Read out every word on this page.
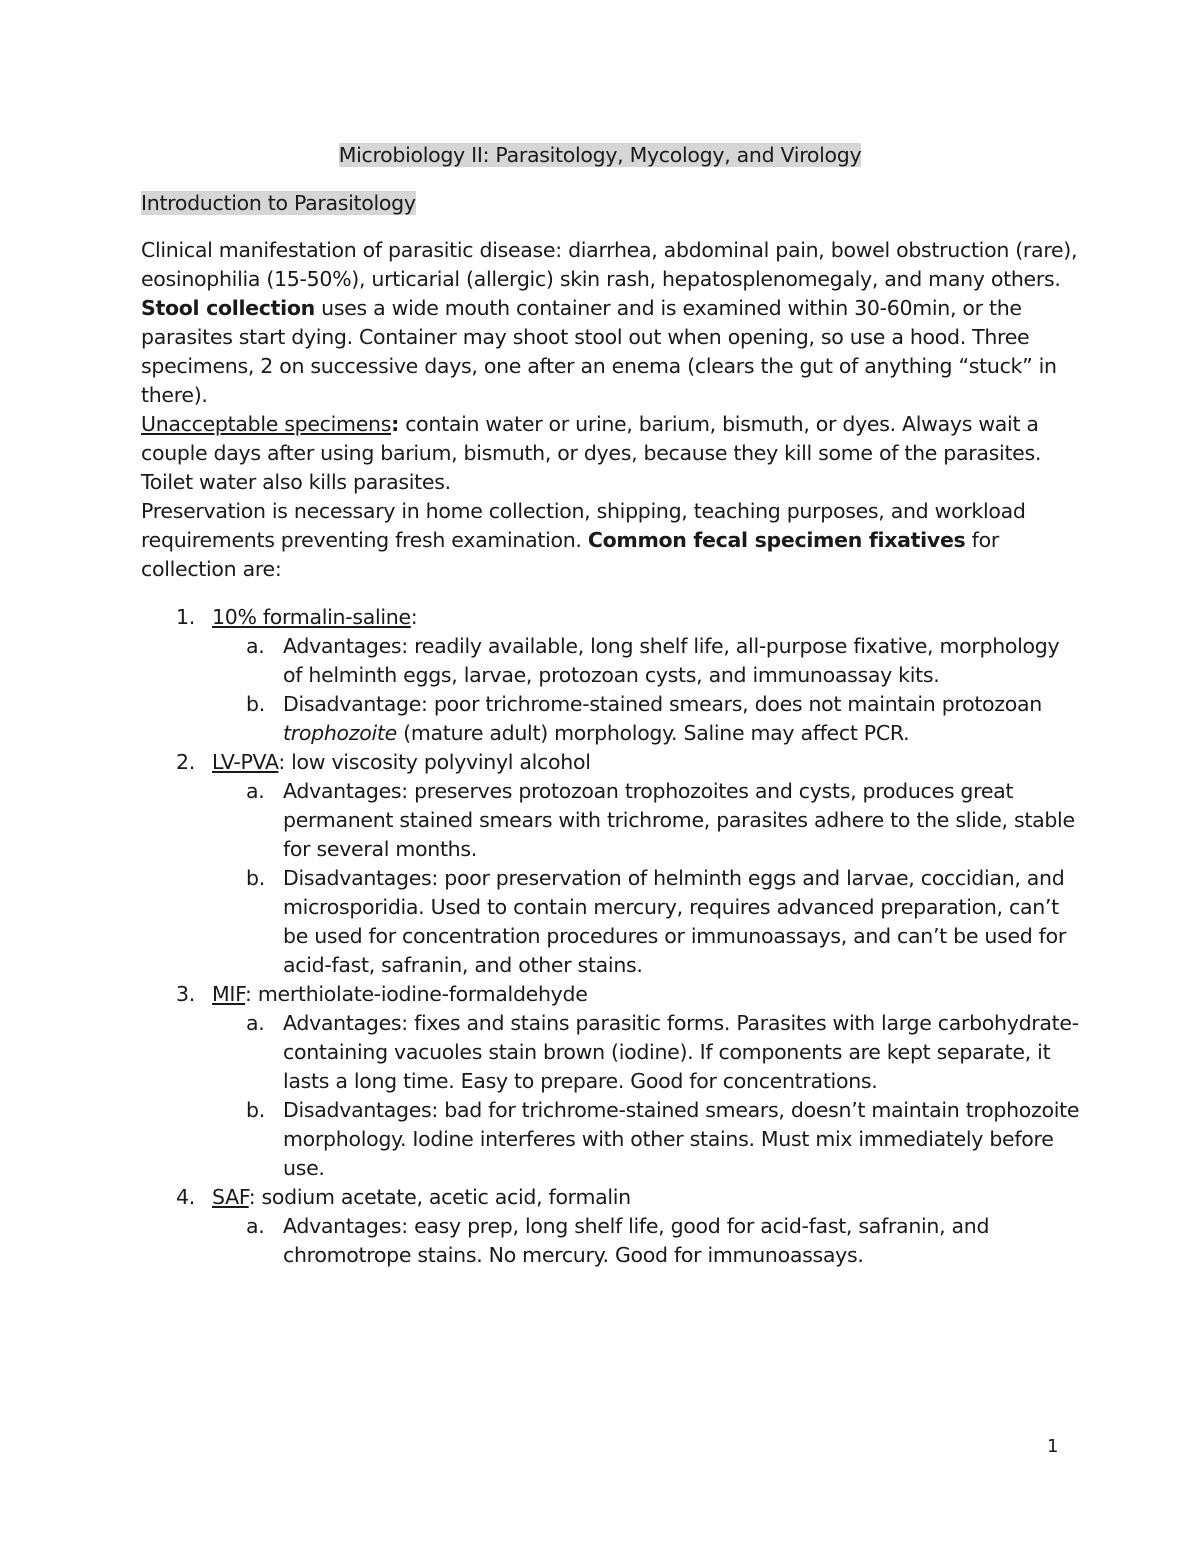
Microbiology II: Parasitology, Mycology, and Virology
Introduction to Parasitology

Clinical manifestation of parasitic disease: diarrhea, abdominal pain, bowel obstruction (rare), eosinophilia (15-50%), urticarial (allergic) skin rash, hepatosplenomegaly, and many others.

Stool collection uses a wide mouth container and is examined within 30-60min, or the parasites start dying. Container may shoot stool out when opening, so use a hood. Three specimens, 2 on successive days, one after an enema (clears the gut of anything “stuck” in there).

Unacceptable specimens: contain water or urine, barium, bismuth, or dyes. Always wait a couple days after using barium, bismuth, or dyes, because they kill some of the parasites. Toilet water also kills parasites.

Preservation is necessary in home collection, shipping, teaching purposes, and workload requirements preventing fresh examination. Common fecal specimen fixatives for collection are:

1. 10% formalin-saline:
a. Advantages: readily available, long shelf life, all-purpose fixative, morphology of helminth eggs, larvae, protozoan cysts, and immunoassay kits.
b. Disadvantage: poor trichrome-stained smears, does not maintain protozoan trophozoite (mature adult) morphology. Saline may affect PCR.
2. LV-PVA: low viscosity polyvinyl alcohol
a. Advantages: preserves protozoan trophozoites and cysts, produces great permanent stained smears with trichrome, parasites adhere to the slide, stable for several months.
b. Disadvantages: poor preservation of helminth eggs and larvae, coccidian, and microsporidia. Used to contain mercury, requires advanced preparation, can’t be used for concentration procedures or immunoassays, and can’t be used for acid-fast, safranin, and other stains.
3. MIF: merthiolate-iodine-formaldehyde
a. Advantages: fixes and stains parasitic forms. Parasites with large carbohydrate-containing vacuoles stain brown (iodine). If components are kept separate, it lasts a long time. Easy to prepare. Good for concentrations.
b. Disadvantages: bad for trichrome-stained smears, doesn’t maintain trophozoite morphology. Iodine interferes with other stains. Must mix immediately before use.
4. SAF: sodium acetate, acetic acid, formalin
a. Advantages: easy prep, long shelf life, good for acid-fast, safranin, and chromotrope stains. No mercury. Good for immunoassays.
1
